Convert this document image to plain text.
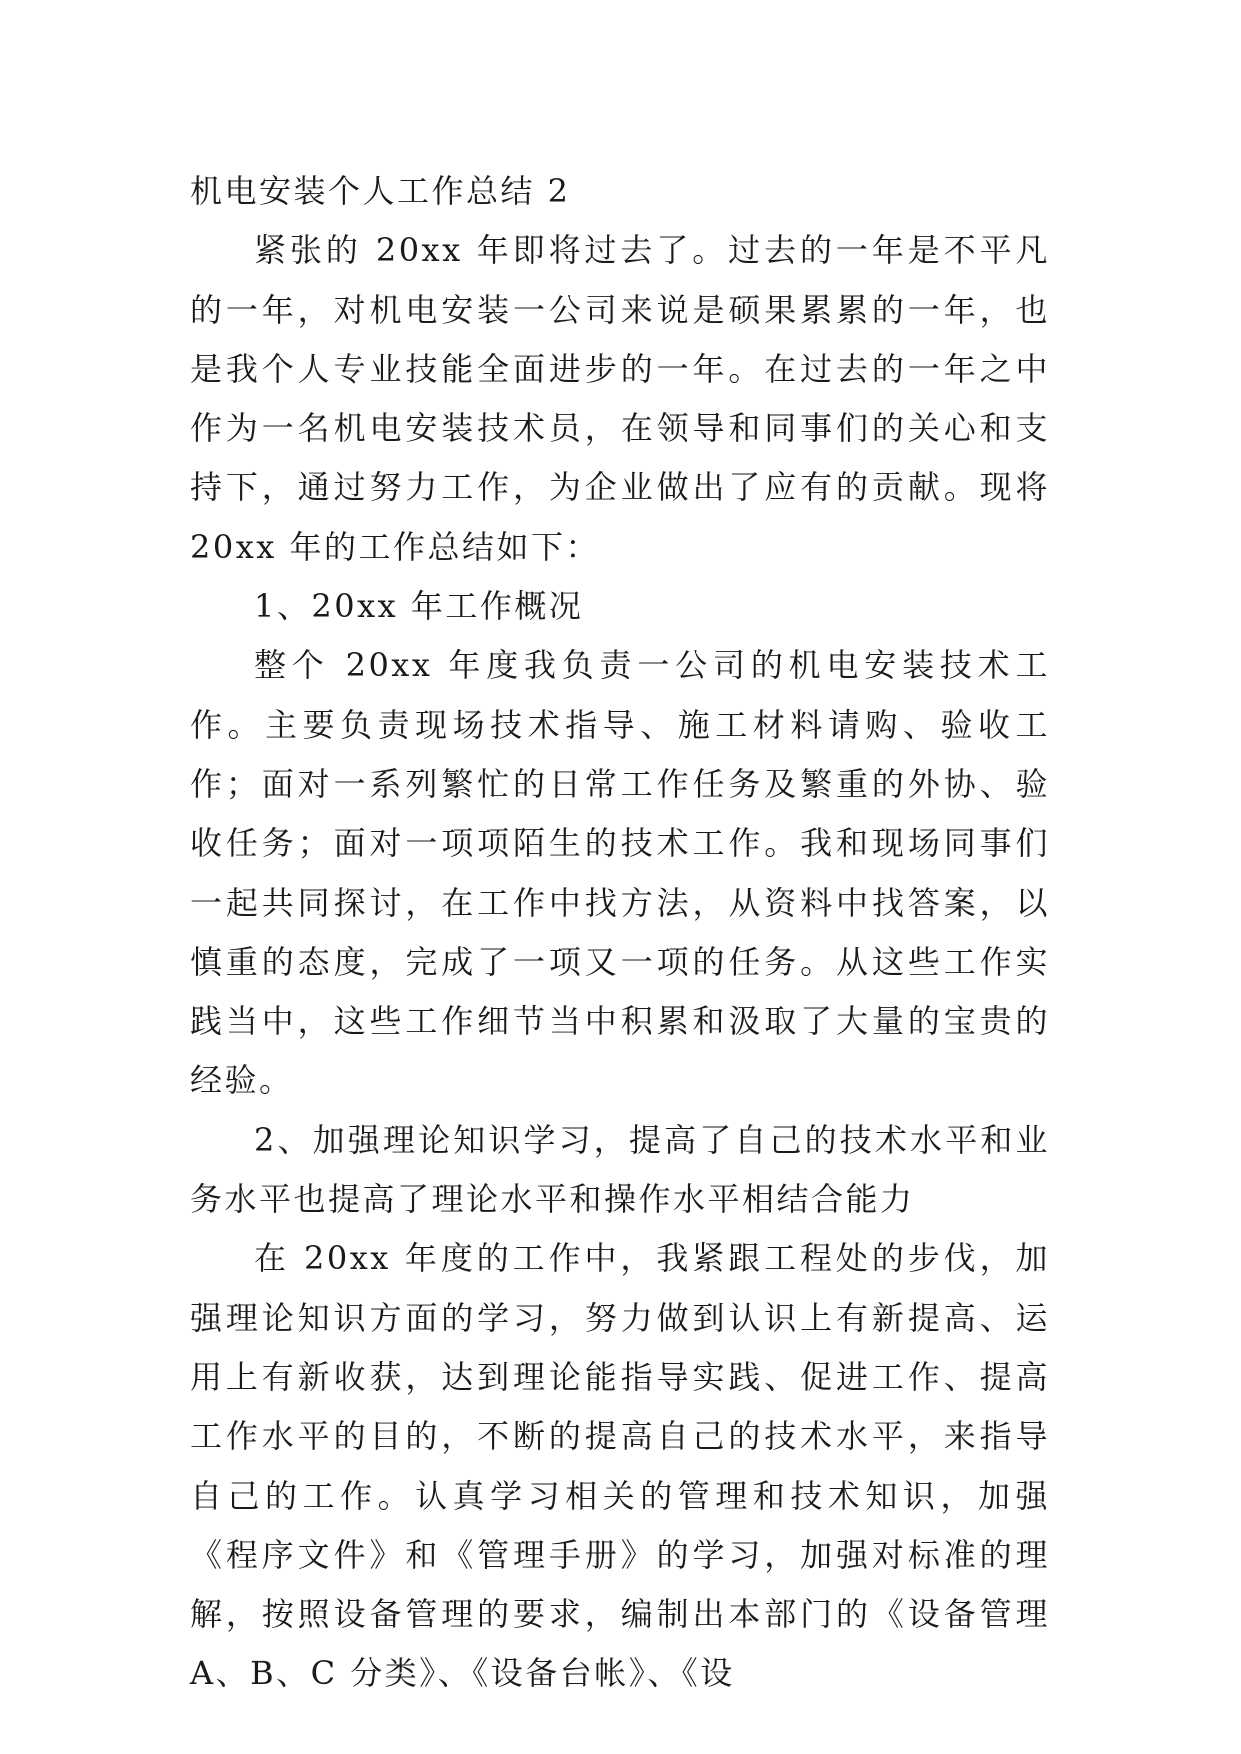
机电安装个人工作总结 2

紧张的 20xx 年即将过去了。过去的一年是不平凡的一年，对机电安装一公司来说是硕果累累的一年，也是我个人专业技能全面进步的一年。在过去的一年之中作为一名机电安装技术员，在领导和同事们的关心和支持下，通过努力工作，为企业做出了应有的贡献。现将 20xx 年的工作总结如下：

1、20xx 年工作概况

整个 20xx 年度我负责一公司的机电安装技术工作。主要负责现场技术指导、施工材料请购、验收工作；面对一系列繁忙的日常工作任务及繁重的外协、验收任务；面对一项项陌生的技术工作。我和现场同事们一起共同探讨，在工作中找方法，从资料中找答案，以慎重的态度，完成了一项又一项的任务。从这些工作实践当中，这些工作细节当中积累和汲取了大量的宝贵的经验。

2、加强理论知识学习，提高了自己的技术水平和业务水平也提高了理论水平和操作水平相结合能力

在 20xx 年度的工作中，我紧跟工程处的步伐，加强理论知识方面的学习，努力做到认识上有新提高、运用上有新收获，达到理论能指导实践、促进工作、提高工作水平的目的，不断的提高自己的技术水平，来指导自己的工作。认真学习相关的管理和技术知识，加强《程序文件》和《管理手册》的学习，加强对标准的理解，按照设备管理的要求，编制出本部门的《设备管理 A、B、C 分类》、《设备台帐》、《设
